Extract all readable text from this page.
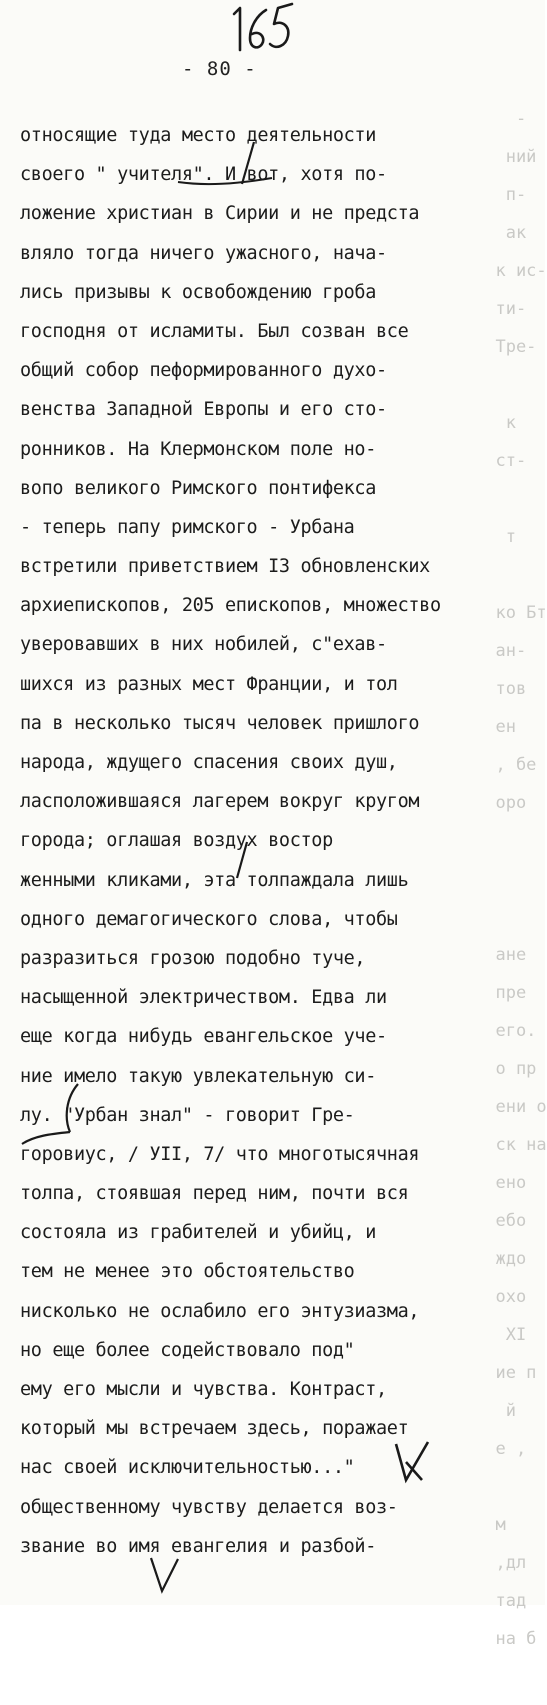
-
ний
п-
ак
к ис-
ти-
Тре-

к
ст-

т

ко Бт
ан-
тов
ен
, бе
оро

ане
пре
его.
о пр
ени о
ск на
ено
ебо
ждо
охо
XI
ие п
й
е ,

м
,дл
тад
на б
- 80 -
относящие туда место деятельности
своего " учителя". И вот, хотя по-
ложение христиан в Сирии и не предста
вляло тогда ничего ужасного, нача-
лись призывы к освобождению гроба
господня от исламиты. Был созван все
общий собор пеформированного духо-
венства Западной Европы и его сто-
ронников. На Клермонском поле но-
вопо великого Римского понтифекса
- теперь папу римского - Урбана
встретили приветствием I3 обновленских
архиепископов, 205 епископов, множество
уверовавших в них нобилей, с"ехав-
шихся из разных мест Франции, и тол
па в несколько тысяч человек пришлого
народа, ждущего спасения своих душ,
ласположившаяся лагерем вокруг кругом
города; оглашая воздух востор
женными кликами, эта толпаждала лишь
одного демагогического слова, чтобы
разразиться грозою подобно туче,
насыщенной электричеством. Едва ли
еще когда нибудь евангельское уче-
ние имело такую увлекательную си-
лу. "Урбан знал" - говорит Гре-
горовиус, / УII, 7/ что многотысячная
толпа, стоявшая перед ним, почти вся
состояла из грабителей и убийц, и
тем не менее это обстоятельство
нисколько не ослабило его энтузиазма,
но еще более содействовало под"
ему его мысли и чувства. Контраст,
который мы встречаем здесь, поражает
нас своей исключительностью..."
общественному чувству делается воз-
звание во имя евангелия и разбой-
